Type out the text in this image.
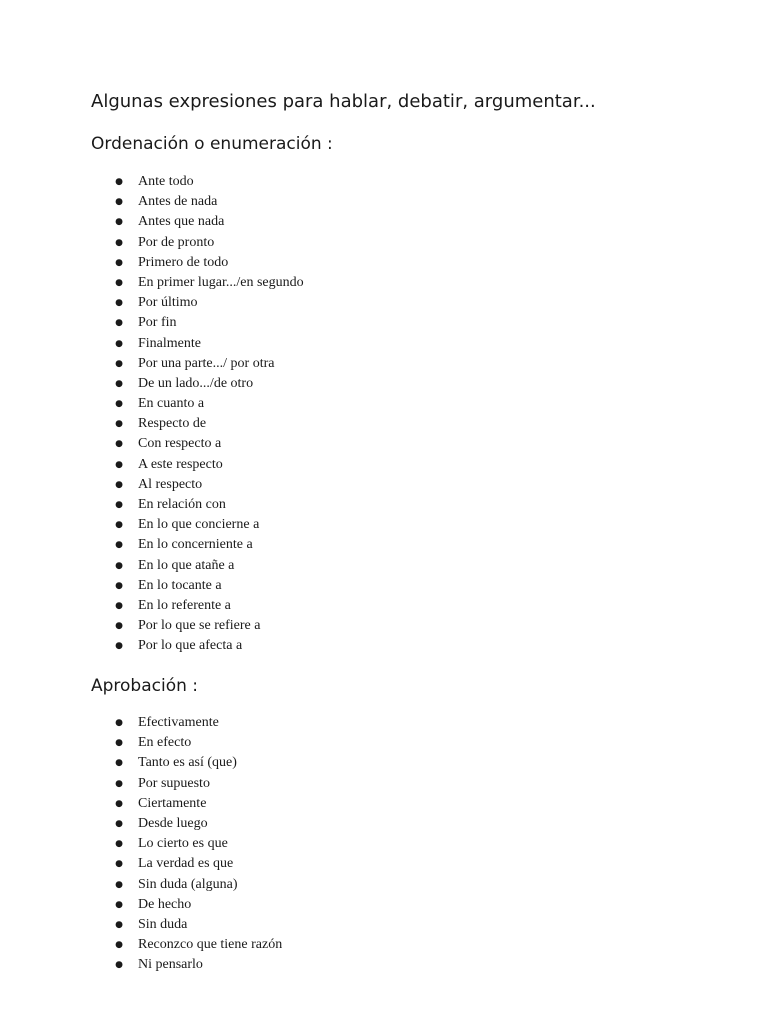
Algunas expresiones para hablar, debatir, argumentar...
Ordenación o enumeración :
● Ante todo
● Antes de nada
● Antes que nada
● Por de pronto
● Primero de todo
● En primer lugar.../en segundo
● Por último
● Por fin
● Finalmente
● Por una parte.../ por otra
● De un lado.../de otro
● En cuanto a
● Respecto de
● Con respecto a
● A este respecto
● Al respecto
● En relación con
● En lo que concierne a
● En lo concerniente a
● En lo que atañe a
● En lo tocante a
● En lo referente a
● Por lo que se refiere a
● Por lo que afecta a
Aprobación :
● Efectivamente
● En efecto
● Tanto es así (que)
● Por supuesto
● Ciertamente
● Desde luego
● Lo cierto es que
● La verdad es que
● Sin duda (alguna)
● De hecho
● Sin duda
● Reconzco que tiene razón
● Ni pensarlo
